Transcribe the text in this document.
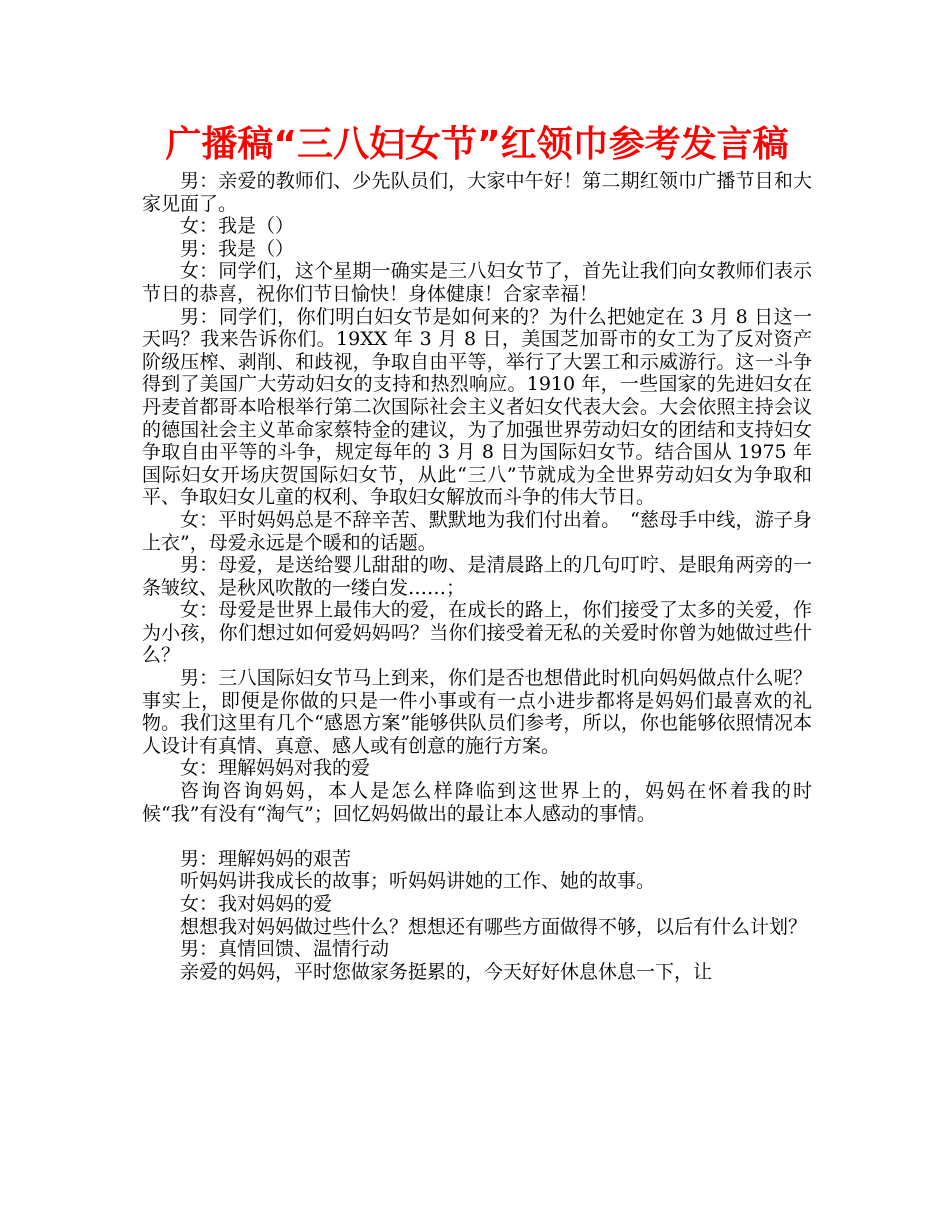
广播稿“三八妇女节”红领巾参考发言稿

男：亲爱的教师们、少先队员们，大家中午好！第二期红领巾广播节目和大家见面了。

女：我是（）

男：我是（）

女：同学们，这个星期一确实是三八妇女节了，首先让我们向女教师们表示节日的恭喜，祝你们节日愉快！身体健康！合家幸福！

男：同学们，你们明白妇女节是如何来的？为什么把她定在 3 月 8 日这一天吗？我来告诉你们。19XX 年 3 月 8 日，美国芝加哥市的女工为了反对资产阶级压榨、剥削、和歧视，争取自由平等，举行了大罢工和示威游行。这一斗争得到了美国广大劳动妇女的支持和热烈响应。1910 年，一些国家的先进妇女在丹麦首都哥本哈根举行第二次国际社会主义者妇女代表大会。大会依照主持会议的德国社会主义革命家蔡特金的建议，为了加强世界劳动妇女的团结和支持妇女争取自由平等的斗争，规定每年的 3 月 8 日为国际妇女节。结合国从 1975 年国际妇女开场庆贺国际妇女节，从此“三八”节就成为全世界劳动妇女为争取和平、争取妇女儿童的权利、争取妇女解放而斗争的伟大节日。

女：平时妈妈总是不辞辛苦、默默地为我们付出着。　“慈母手中线，游子身上衣”，母爱永远是个暖和的话题。

男：母爱，是送给婴儿甜甜的吻、是清晨路上的几句叮咛、是眼角两旁的一条皱纹、是秋风吹散的一缕白发……；

女：母爱是世界上最伟大的爱，在成长的路上，你们接受了太多的关爱，作为小孩，你们想过如何爱妈妈吗？当你们接受着无私的关爱时你曾为她做过些什么？

男：三八国际妇女节马上到来，你们是否也想借此时机向妈妈做点什么呢？事实上，即便是你做的只是一件小事或有一点小进步都将是妈妈们最喜欢的礼物。我们这里有几个“感恩方案”能够供队员们参考，所以，你也能够依照情况本人设计有真情、真意、感人或有创意的施行方案。

女：理解妈妈对我的爱

咨询咨询妈妈，本人是怎么样降临到这世界上的，妈妈在怀着我的时候“我”有没有“淘气”；回忆妈妈做出的最让本人感动的事情。

男：理解妈妈的艰苦

听妈妈讲我成长的故事；听妈妈讲她的工作、她的故事。

女：我对妈妈的爱

想想我对妈妈做过些什么？想想还有哪些方面做得不够，以后有什么计划？

男：真情回馈、温情行动

亲爱的妈妈，平时您做家务挺累的，今天好好休息休息一下，让
